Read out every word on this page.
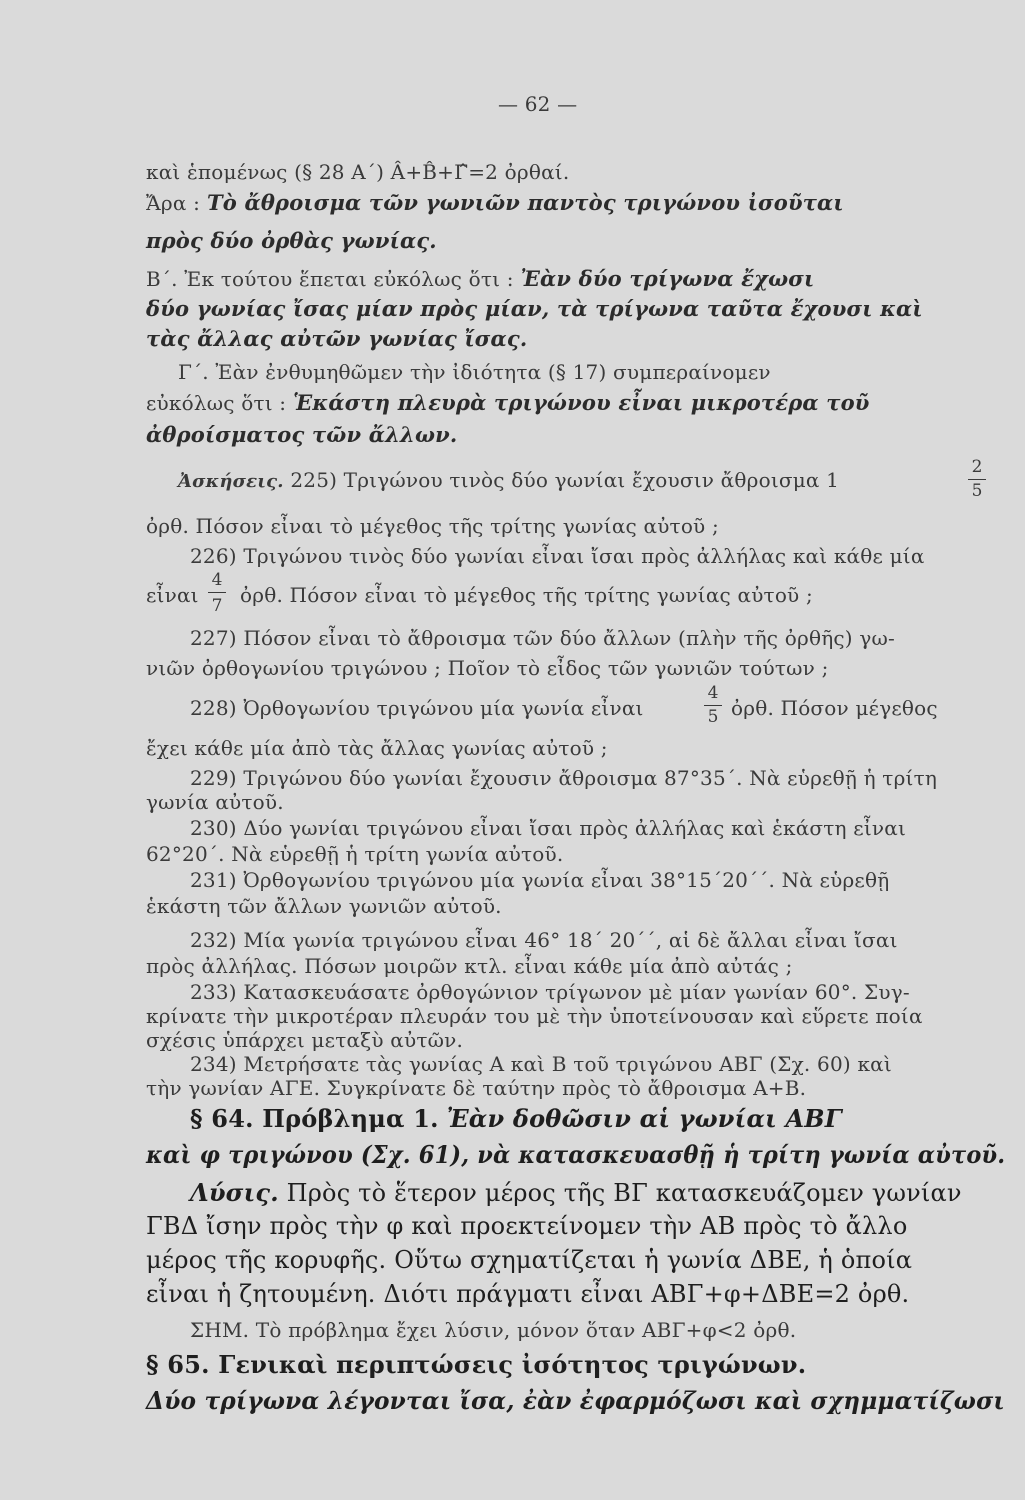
— 62 —
καὶ ἑπομένως (§ 28 Α΄) Â+B̂+Γ̂=2 ὀρθαί.
Ἄρα : Τὸ ἄθροισμα τῶν γωνιῶν παντὸς τριγώνου ἰσοῦται
πρὸς δύο ὀρθὰς γωνίας.
Β΄. Ἐκ τούτου ἕπεται εὐκόλως ὅτι : Ἐὰν δύο τρίγωνα ἔχωσι
δύο γωνίας ἴσας μίαν πρὸς μίαν, τὰ τρίγωνα ταῦτα ἔχουσι καὶ
τὰς ἄλλας αὐτῶν γωνίας ἴσας.
Γ΄. Ἐὰν ἐνθυμηθῶμεν τὴν ἰδιότητα (§ 17) συμπεραίνομεν
εὐκόλως ὅτι : Ἑκάστη πλευρὰ τριγώνου εἶναι μικροτέρα τοῦ
ἀθροίσματος τῶν ἄλλων.
Ἀσκήσεις. 225) Τριγώνου τινὸς δύο γωνίαι ἔχουσιν ἄθροισμα 1
2
5
ὀρθ. Πόσον εἶναι τὸ μέγεθος τῆς τρίτης γωνίας αὐτοῦ ;
226) Τριγώνου τινὸς δύο γωνίαι εἶναι ἴσαι πρὸς ἀλλήλας καὶ κάθε μία
εἶναι
4
7 ὀρθ. Πόσον εἶναι τὸ μέγεθος τῆς τρίτης γωνίας αὐτοῦ ;
227) Πόσον εἶναι τὸ ἄθροισμα τῶν δύο ἄλλων (πλὴν τῆς ὀρθῆς) γω-
νιῶν ὀρθογωνίου τριγώνου ; Ποῖον τὸ εἶδος τῶν γωνιῶν τούτων ;
228) Ὀρθογωνίου τριγώνου μία γωνία εἶναι
4
5 ὀρθ. Πόσον μέγεθος
ἔχει κάθε μία ἀπὸ τὰς ἄλλας γωνίας αὐτοῦ ;
229) Τριγώνου δύο γωνίαι ἔχουσιν ἄθροισμα 87°35΄. Νὰ εὑρεθῇ ἡ τρίτη
γωνία αὐτοῦ.
230) Δύο γωνίαι τριγώνου εἶναι ἴσαι πρὸς ἀλλήλας καὶ ἑκάστη εἶναι
62°20΄. Νὰ εὑρεθῇ ἡ τρίτη γωνία αὐτοῦ.
231) Ὀρθογωνίου τριγώνου μία γωνία εἶναι 38°15΄20΄΄. Νὰ εὑρεθῇ
ἑκάστη τῶν ἄλλων γωνιῶν αὐτοῦ.
232) Μία γωνία τριγώνου εἶναι 46° 18΄ 20΄΄, αἱ δὲ ἄλλαι εἶναι ἴσαι
πρὸς ἀλλήλας. Πόσων μοιρῶν κτλ. εἶναι κάθε μία ἀπὸ αὐτάς ;
233) Κατασκευάσατε ὀρθογώνιον τρίγωνον μὲ μίαν γωνίαν 60°. Συγ-
κρίνατε τὴν μικροτέραν πλευράν του μὲ τὴν ὑποτείνουσαν καὶ εὕρετε ποία
σχέσις ὑπάρχει μεταξὺ αὐτῶν.
234) Μετρήσατε τὰς γωνίας Α καὶ Β τοῦ τριγώνου ΑΒΓ (Σχ. 60) καὶ
τὴν γωνίαν ΑΓΕ. Συγκρίνατε δὲ ταύτην πρὸς τὸ ἄθροισμα Α+Β.
§ 64. Πρόβλημα 1. Ἐὰν δοθῶσιν αἱ γωνίαι ΑΒΓ
καὶ φ τριγώνου (Σχ. 61), νὰ κατασκευασθῇ ἡ τρίτη γωνία αὐτοῦ.
Λύσις. Πρὸς τὸ ἕτερον μέρος τῆς ΒΓ κατασκευάζομεν γωνίαν
ΓΒΔ ἴσην πρὸς τὴν φ καὶ προεκτείνομεν τὴν ΑΒ πρὸς τὸ ἄλλο
μέρος τῆς κορυφῆς. Οὕτω σχηματίζεται ἡ γωνία ΔΒΕ, ἡ ὁποία
εἶναι ἡ ζητουμένη. Διότι πράγματι εἶναι ΑΒΓ+φ+ΔΒΕ=2 ὀρθ.
ΣΗΜ. Τὸ πρόβλημα ἔχει λύσιν, μόνον ὅταν ΑΒΓ+φ<2 ὀρθ.
§ 65. Γενικαὶ περιπτώσεις ἰσότητος τριγώνων.
Δύο τρίγωνα λέγονται ἴσα, ἐὰν ἐφαρμόζωσι καὶ σχημματίζωσι
